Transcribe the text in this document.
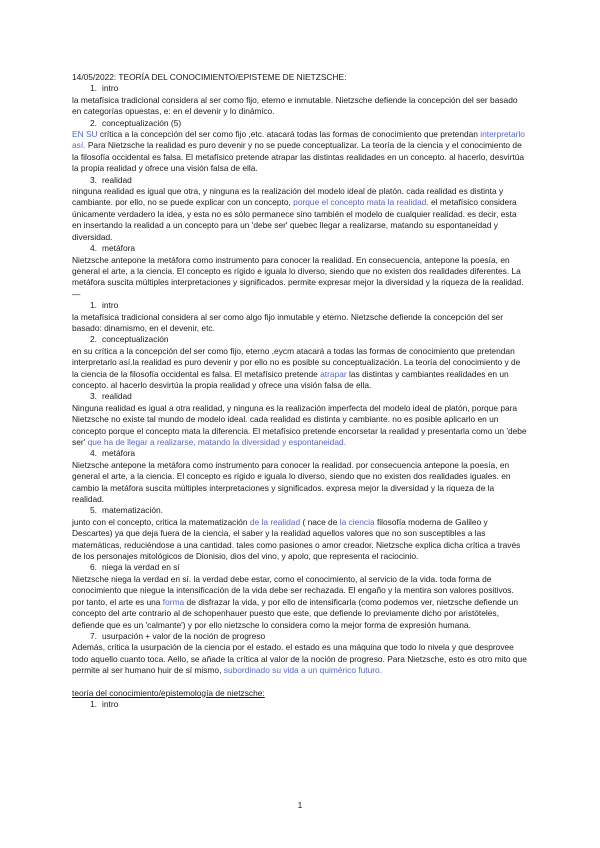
14/05/2022: TEORÍA DEL CONOCIMIENTO/EPISTEME DE NIETZSCHE:

1. intro

la metafísica tradicional considera al ser como fijo, eterno e inmutable. Nietzsche defiende la concepción del ser basado en categorías opuestas, e: en el devenir y lo dinámico.

2. conceptualización (5)

EN SU crítica a la concepción del ser como fijo ,etc. atacará todas las formas de conocimiento que pretendan interpretarlo así. Para Nietzsche la realidad es puro devenir y no se puede conceptualizar. La teoría de la ciencia y el conocimiento de la filosofía occidental es falsa. El metafísico pretende atrapar las distintas realidades en un concepto. al hacerlo, desvirtúa la propia realidad y ofrece una visión falsa de ella.

3. realidad

ninguna realidad es igual que otra, y ninguna es la realización del modelo ideal de platón. cada realidad es distinta y cambiante. por ello, no se puede explicar con un concepto, porque el concepto mata la realidad. el metafísico considera únicamente verdadero la idea, y esta no es sólo permanece sino también el modelo de cualquier realidad. es decir, esta en insertando la realidad a un concepto para un 'debe ser' quebec llegar a realizarse, matando su espontaneidad y diversidad.

4. metáfora

Nietzsche antepone la metáfora como instrumento para conocer la realidad. En consecuencia, antepone la poesía, en general el arte, a la ciencia. El concepto es rígido e iguala lo diverso, siendo que no existen dos realidades diferentes. La metáfora suscita múltiples interpretaciones y significados. permite expresar mejor la diversidad y la riqueza de la realidad.

—

1. intro

la metafísica tradicional considera al ser como algo fijo inmutable y eterno. Nietzsche defiende la concepción del ser basado: dinamismo, en el devenir, etc.

2. conceptualización

en su crítica a la concepción del ser como fijo, eterno ,eycm atacará a todas las formas de conocimiento que pretendan interpretarlo así.la realidad es puro devenir y por ello no es posible su conceptualización. La teoría del conocimiento y de la ciencia de la filosofía occidental es falsa. El metafísico pretende atrapar las distintas y cambiantes realidades en un concepto. al hacerlo desvirtúa la propia realidad y ofrece una visión falsa de ella.

3. realidad

Ninguna realidad es igual a otra realidad, y ninguna es la realización imperfecta del modelo ideal de platón, porque para Nietzsche no existe tal mundo de modelo ideal. cada realidad es distinta y cambiante. no es posible aplicarlo en un concepto porque el concepto mata la diferencia. El metafísico pretende encorsetar la realidad y presentarla como un 'debe ser' que ha de llegar a realizarse, matando la diversidad y espontaneidad.

4. metáfora

Nietzsche antepone la metáfora como instrumento para conocer la realidad. por consecuencia antepone la poesía, en general el arte, a la ciencia. El concepto es rígido e iguala lo diverso, siendo que no existen dos realidades iguales. en cambio la metáfora suscita múltiples interpretaciones y significados. expresa mejor la diversidad y la riqueza de la realidad.

5. matematización.

junto con el concepto, critica la matematización de la realidad ( nace de la ciencia filosofía moderna de Galileo y Descartes) ya que deja fuera de la ciencia, el saber y la realidad aquellos valores que no son susceptibles a las matemáticas, reduciéndose a una cantidad. tales como pasiones o amor creador. Nietzsche explica dicha crítica a través de los personajes mitológicos de Dionisio, dios del vino, y apolo, que representa el raciocinio.

6. niega la verdad en sí

Nietzsche niega la verdad en sí. la verdad debe estar, como el conocimiento, al servicio de la vida. toda forma de conocimiento que niegue la intensificación de la vida debe ser rechazada. El engaño y la mentira son valores positivos. por tanto, el arte es una forma de disfrazar la vida, y por ello de intensificarla (como podemos ver, nietzsche defiende un concepto del arte contrario al de schopenhauer puesto que este, que defiende lo previamente dicho por aristóteles, defiende que es un 'calmante') y por ello nietzsche lo considera como la mejor forma de expresión humana.

7. usurpación + valor de la noción de progreso

Además, critica la usurpación de la ciencia por el estado. el estado es una máquina que todo lo nivela y que desprovee todo aquello cuanto toca. Aello, se añade la crítica al valor de la noción de progreso. Para Nietzsche, esto es otro mito que permite al ser humano huir de sí mismo, subordinado su vida a un quimérico futuro.

teoría del conocimiento/epistemología de nietzsche:

1. intro

1
